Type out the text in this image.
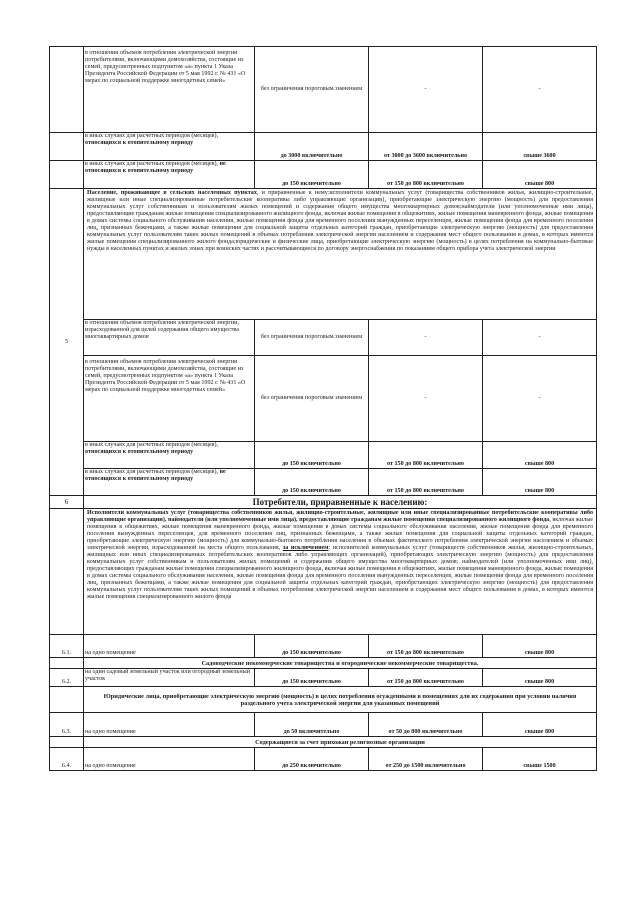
	в отношении объемов потребления электрической энергии потребителями, включающими домохозяйства, состоящие из семей, предусмотренных подпунктом «а» пункта 1 Указа Президента Российской Федерации от 5 мая 1992 г. № 431 «О мерах по социальной поддержке многодетных семей»	без ограничения пороговым значением	-	-
	в иных случаях для расчетных периодов (месяцев), относящихся к отопительному периоду	до 3000 включительно	от 3000 до 3600 включительно	свыше 3600
	в иных случаях для расчетных периодов (месяцев), не относящихся к отопительному периоду	до 150 включительно	от 150 до 800 включительно	свыше 800
5	Население, проживающее в сельских населенных пунктах, и приравненные к нему:исполнители коммунальных услуг (товарищества собственников жилья, жилищно-строительные, жилищные или иные специализированные потребительские кооперативы либо управляющие организации), приобретающие электрическую энергию (мощность) для предоставления коммунальных услуг собственникам и пользователям жилых помещений и содержания общего имущества многоквартирных домов;наймодатели (или уполномоченные ими лица), предоставляющие гражданам жилые помещения специализированного жилищного фонда, включая жилые помещения в общежитиях, жилые помещения маневренного фонда, жилые помещения в домах системы социального обслуживания населения, жилые помещения фонда для временного поселения вынужденных переселенцев, жилые помещения фонда для временного поселения лиц, признанных беженцами, а также жилые помещения для социальной защиты отдельных категорий граждан, приобретающие электрическую энергию (мощность) для предоставления коммунальных услуг пользователям таких жилых помещений в объемах потребления электрической энергии населением и содержания мест общего пользования в домах, в которых имеются жилые помещения специализированного жилого фонда;юридические и физические лица, приобретающие электрическую энергию (мощность) в целях потребления на коммунально-бытовые нужды в населенных пунктах и жилых зонах при воинских частях и рассчитывающиеся по договору энергоснабжения по показаниям общего прибора учета электрической энергии			
	в отношении объемов потребления электрической энергии, израсходованной для целей содержания общего имущества многоквартирных домов	без ограничения пороговым значением	-	-
	в отношении объемов потребления электрической энергии потребителями, включающими домохозяйства, состоящие из семей, предусмотренных подпунктом «а» пункта 1 Указа Президента Российской Федерации от 5 мая 1992 г. № 431 «О мерах по социальной поддержке многодетных семей»	без ограничения пороговым значением	-	-
	в иных случаях для расчетных периодов (месяцев), относящихся к отопительному периоду	до 150 включительно	от 150 до 800 включительно	свыше 800
	в иных случаях для расчетных периодов (месяцев), не относящихся к отопительному периоду	до 150 включительно	от 150 до 800 включительно	свыше 800
6	Потребители, приравненные к населению:			
	Исполнители коммунальных услуг (товарищества собственников жилья, жилищно-строительные, жилищные или иные специализированные потребительские кооперативы либо управляющие организации), наймодатели (или уполномоченные ими лица), предоставляющие гражданам жилые помещения специализированного жилищного фонда, включая жилые помещения в общежитиях, жилые помещения маневренного фонда, жилые помещения в домах системы социального обслуживания населения, жилые помещения фонда для временного поселения вынужденных переселенцев, для временного поселения лиц, признанных беженцами, а также жилые помещения для социальной защиты отдельных категорий граждан, приобретающие электрическую энергию (мощность) для коммунально-бытового потребления населения в объемах фактического потребления электрической энергии населением и объемах электрической энергии, израсходованной на места общего пользования, за исключением: исполнителей коммунальных услуг (товариществ собственников жилья, жилищно-строительных, жилищных или иных специализированных потребительских кооперативов либо управляющих организаций), приобретающих электрическую энергию (мощность) для предоставления коммунальных услуг собственникам и пользователям жилых помещений и содержания общего имущества многоквартирных домов; наймодателей (или уполномоченных ими лиц), предоставляющих гражданам жилые помещения специализированного жилищного фонда, включая жилые помещения в общежитиях, жилые помещения маневренного фонда, жилые помещения в домах системы социального обслуживания населения, жилые помещения фонда для временного поселения вынужденных переселенцев, жилые помещения фонда для временного поселения лиц, признанных беженцами, а также жилые помещения для социальной защиты отдельных категорий граждан, приобретающих электрическую энергию (мощность) для предоставления коммунальных услуг пользователям таких жилых помещений в объемах потребления электрической энергии населением и содержания мест общего пользования в домах, в которых имеются жилые помещения специализированного жилого фонда			
6.1.	на одно помещение	до 150 включительно	от 150 до 800 включительно	свыше 800
	Садоводческие некоммерческие товарищества и огороднические некоммерческие товарищества.			
6.2.	на один садовый земельный участок или огородный земельный участок	до 150 включительно	от 150 до 800 включительно	свыше 800
	Юридические лица, приобретающие электрическую энергию (мощность) в целях потребления осужденными в помещениях для их содержания при условии наличия раздельного учета электрической энергии для указанных помещений			
6.3.	на одно помещение	до 50 включительно	от 50 до 800 включительно	свыше 800
	Содержащиеся за счет прихожан религиозные организации			
6.4.	на одно помещение	до 250 включительно	от 250 до 1500 включительно	свыше 1500
